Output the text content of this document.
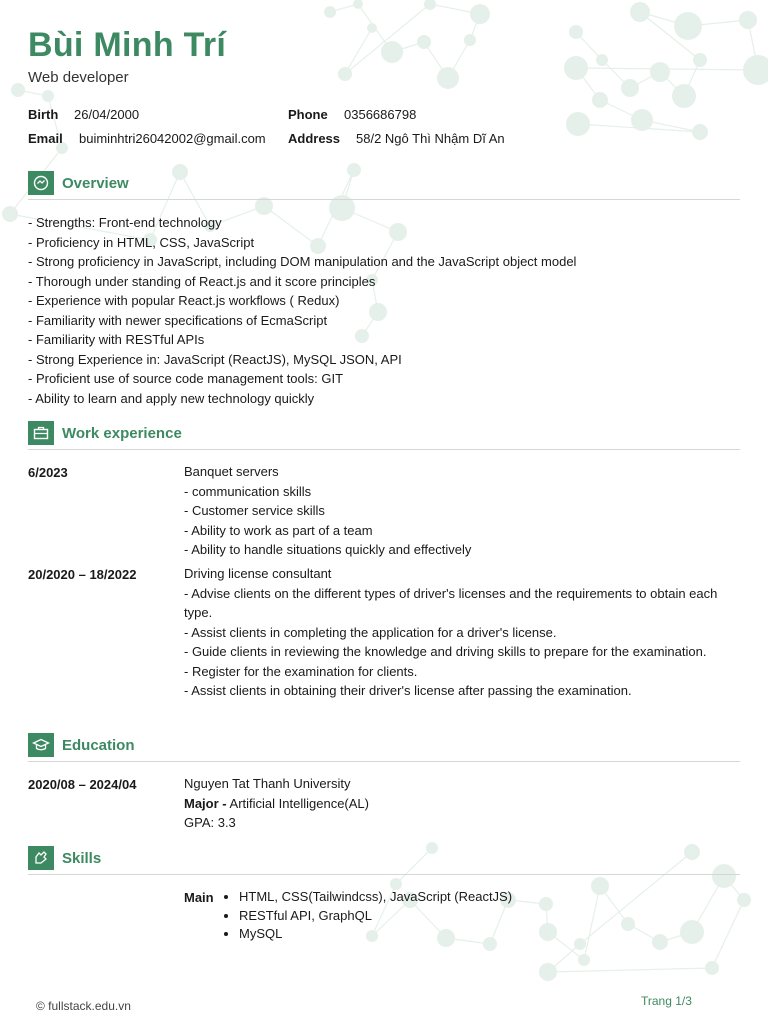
Bùi Minh Trí
Web developer
Birth 26/04/2000	Phone 0356686798
Email buiminhtri26042002@gmail.com Address 58/2 Ngô Thì Nhậm Dĩ An
Overview
- Strengths: Front-end technology
- Proficiency in HTML, CSS, JavaScript
- Strong proficiency in JavaScript, including DOM manipulation and the JavaScript object model
- Thorough under standing of React.js and it score principles
- Experience with popular React.js workflows ( Redux)
- Familiarity with newer specifications of EcmaScript
- Familiarity with RESTful APIs
- Strong Experience in: JavaScript (ReactJS), MySQL JSON, API
- Proficient use of source code management tools: GIT
- Ability to learn and apply new technology quickly
Work experience
6/2023	Banquet servers
- communication skills
- Customer service skills
- Ability to work as part of a team
- Ability to handle situations quickly and effectively
20/2020 – 18/2022	Driving license consultant
- Advise clients on the different types of driver's licenses and the requirements to obtain each type.
- Assist clients in completing the application for a driver's license.
- Guide clients in reviewing the knowledge and driving skills to prepare for the examination.
- Register for the examination for clients.
- Assist clients in obtaining their driver's license after passing the examination.
Education
2020/08 – 2024/04	Nguyen Tat Thanh University
Major - Artificial Intelligence(AL)
GPA: 3.3
Skills
Main
• HTML, CSS(Tailwindcss), JavaScript (ReactJS)
• RESTful API, GraphQL
• MySQL
© fullstack.edu.vn	Trang 1/3
